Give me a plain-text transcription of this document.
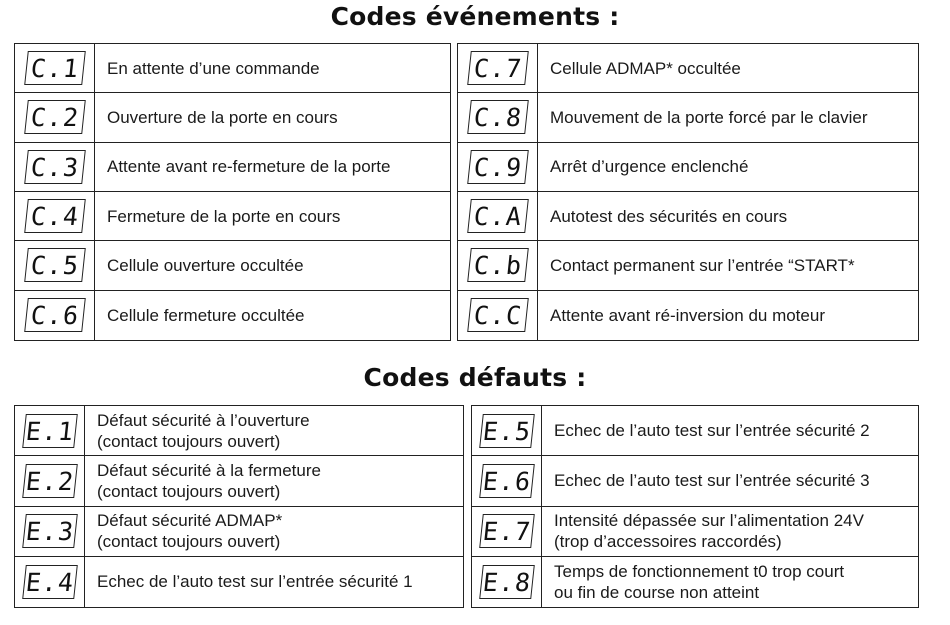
Codes événements :
C.1	En attente d’une commande
C.2	Ouverture de la porte en cours
C.3	Attente avant re-fermeture de la porte
C.4	Fermeture de la porte en cours
C.5	Cellule ouverture occultée
C.6	Cellule fermeture occultée
C.7	Cellule ADMAP* occultée
C.8	Mouvement de la porte forcé par le clavier
C.9	Arrêt d’urgence enclenché
C.A	Autotest des sécurités en cours
C.b	Contact permanent sur l’entrée “START*
C.C	Attente avant ré-inversion du moteur
Codes défauts :
E.1 Défaut sécurité à l’ouverture
(contact toujours ouvert)
E.2 Défaut sécurité à la fermeture
(contact toujours ouvert)
E.3 Défaut sécurité ADMAP*
(contact toujours ouvert)
E.4 Echec de l’auto test sur l’entrée sécurité 1
E.5 Echec de l’auto test sur l’entrée sécurité 2
E.6 Echec de l’auto test sur l’entrée sécurité 3
E.7 Intensité dépassée sur l’alimentation 24V
(trop d’accessoires raccordés)
E.8 Temps de fonctionnement t0 trop court
ou fin de course non atteint
